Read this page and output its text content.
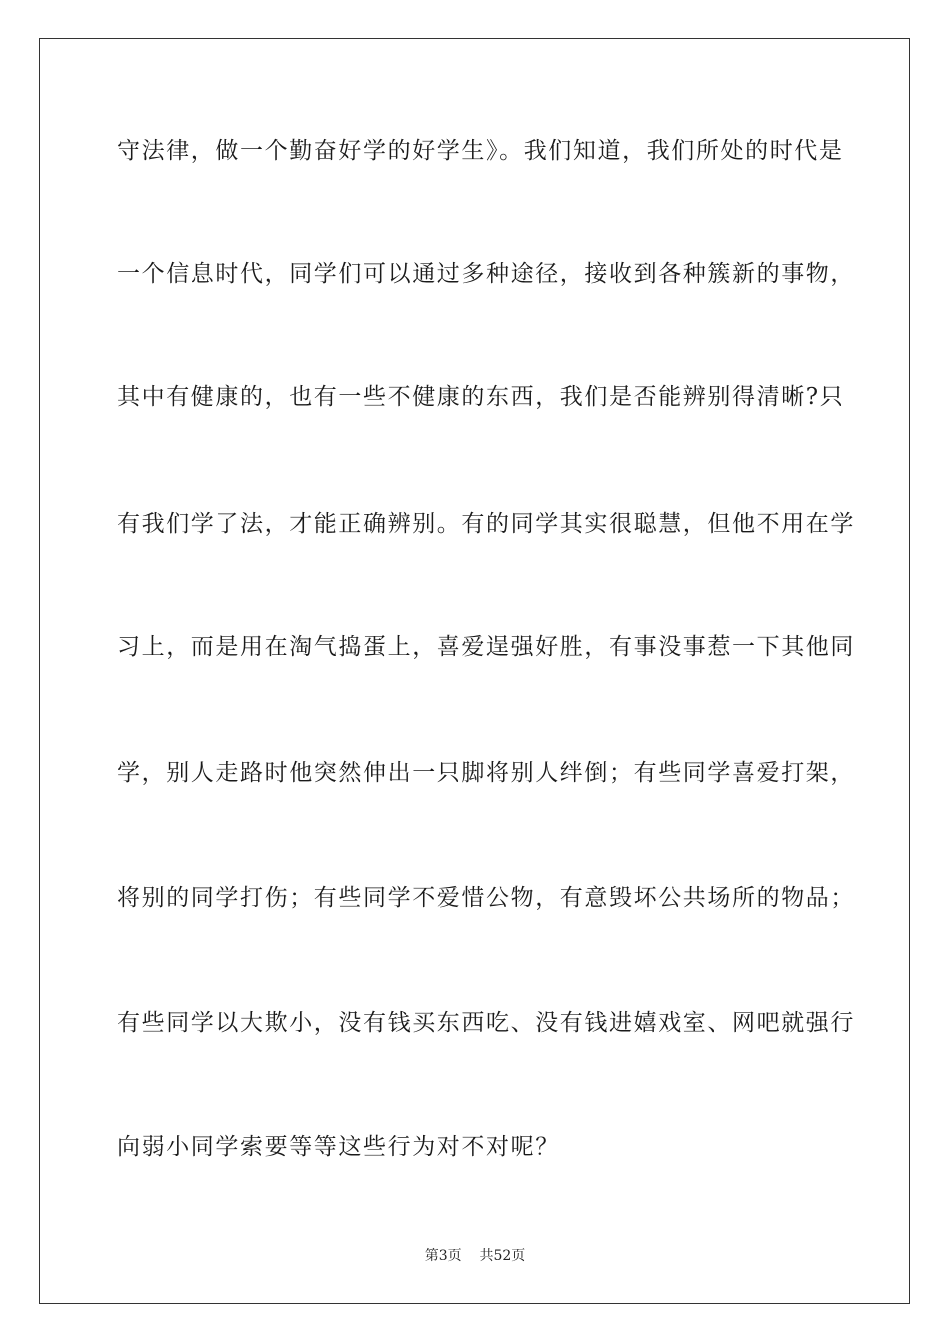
守法律，做一个勤奋好学的好学生》。我们知道，我们所处的时代是
一个信息时代，同学们可以通过多种途径，接收到各种簇新的事物，
其中有健康的，也有一些不健康的东西，我们是否能辨别得清晰?只
有我们学了法，才能正确辨别。有的同学其实很聪慧，但他不用在学
习上，而是用在淘气捣蛋上，喜爱逞强好胜，有事没事惹一下其他同
学，别人走路时他突然伸出一只脚将别人绊倒；有些同学喜爱打架，
将别的同学打伤；有些同学不爱惜公物，有意毁坏公共场所的物品；
有些同学以大欺小，没有钱买东西吃、没有钱进嬉戏室、网吧就强行
向弱小同学索要等等这些行为对不对呢？
第3页 共52页
